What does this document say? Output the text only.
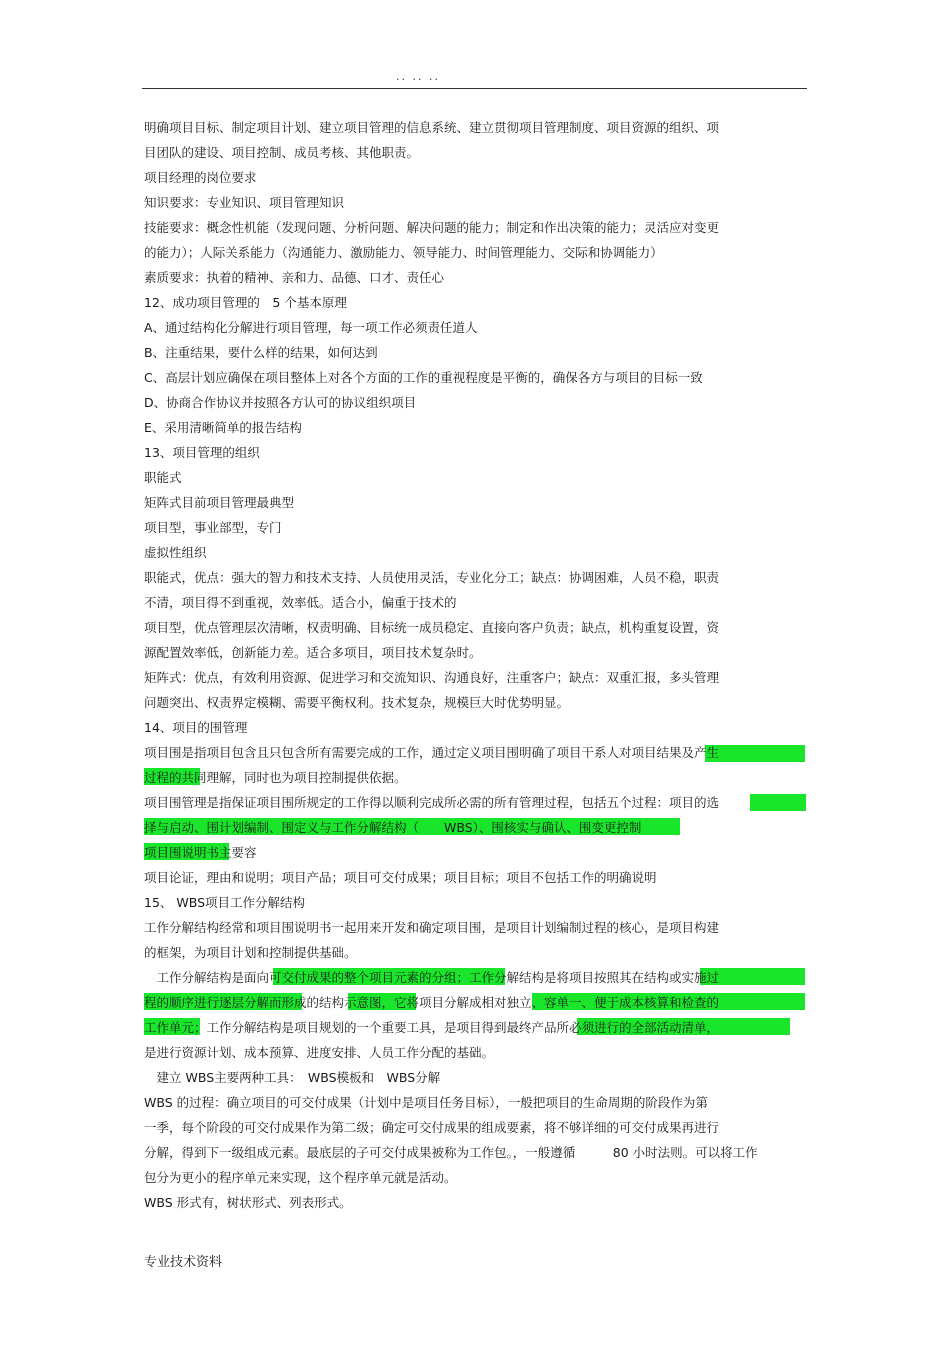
.. .. ..
明确项目目标、制定项目计划、建立项目管理的信息系统、建立贯彻项目管理制度、项目资源的组织、项
目团队的建设、项目控制、成员考核、其他职责。
项目经理的岗位要求
知识要求：专业知识、项目管理知识
技能要求：概念性机能（发现问题、分析问题、解决问题的能力；制定和作出决策的能力；灵活应对变更
的能力）；人际关系能力（沟通能力、激励能力、领导能力、时间管理能力、交际和协调能力）
素质要求：执着的精神、亲和力、品德、口才、责任心
12、成功项目管理的　5 个基本原理
A、通过结构化分解进行项目管理，每一项工作必须责任道人
B、注重结果，要什么样的结果，如何达到
C、高层计划应确保在项目整体上对各个方面的工作的重视程度是平衡的，确保各方与项目的目标一致
D、协商合作协议并按照各方认可的协议组织项目
E、采用清晰简单的报告结构
13、项目管理的组织
职能式
矩阵式目前项目管理最典型
项目型，事业部型，专门
虚拟性组织
职能式，优点：强大的智力和技术支持、人员使用灵活，专业化分工；缺点：协调困难，人员不稳，职责
不清，项目得不到重视，效率低。适合小，偏重于技术的
项目型，优点管理层次清晰，权责明确、目标统一成员稳定、直接向客户负责；缺点，机构重复设置，资
源配置效率低，创新能力差。适合多项目，项目技术复杂时。
矩阵式：优点，有效利用资源、促进学习和交流知识、沟通良好，注重客户；缺点：双重汇报，多头管理
问题突出、权责界定模糊、需要平衡权利。技术复杂，规模巨大时优势明显。
14、项目的围管理
项目围是指项目包含且只包含所有需要完成的工作，通过定义项目围明确了项目干系人对项目结果及产生
过程的共同理解，同时也为项目控制提供依据。
项目围管理是指保证项目围所规定的工作得以顺利完成所必需的所有管理过程，包括五个过程：项目的选
择与启动、围计划编制、围定义与工作分解结构（　　WBS）、围核实与确认、围变更控制
项目围说明书主要容
项目论证，理由和说明；项目产品；项目可交付成果；项目目标；项目不包括工作的明确说明
15、 WBS项目工作分解结构
工作分解结构经常和项目围说明书一起用来开发和确定项目围，是项目计划编制过程的核心，是项目构建
的框架，为项目计划和控制提供基础。
　工作分解结构是面向可交付成果的整个项目元素的分组；工作分解结构是将项目按照其在结构或实施过
程的顺序进行逐层分解而形成的结构示意图，它将项目分解成相对独立、容单一、便于成本核算和检查的
工作单元；工作分解结构是项目规划的一个重要工具，是项目得到最终产品所必须进行的全部活动清单，
是进行资源计划、成本预算、进度安排、人员工作分配的基础。
　建立 WBS主要两种工具：　WBS模板和　WBS分解
WBS 的过程：确立项目的可交付成果（计划中是项目任务目标），一般把项目的生命周期的阶段作为第
一季，每个阶段的可交付成果作为第二级；确定可交付成果的组成要素，将不够详细的可交付成果再进行
分解，得到下一级组成元素。最底层的子可交付成果被称为工作包。，一般遵循　　　80 小时法则。可以将工作
包分为更小的程序单元来实现，这个程序单元就是活动。
WBS 形式有，树状形式、列表形式。
专业技术资料
